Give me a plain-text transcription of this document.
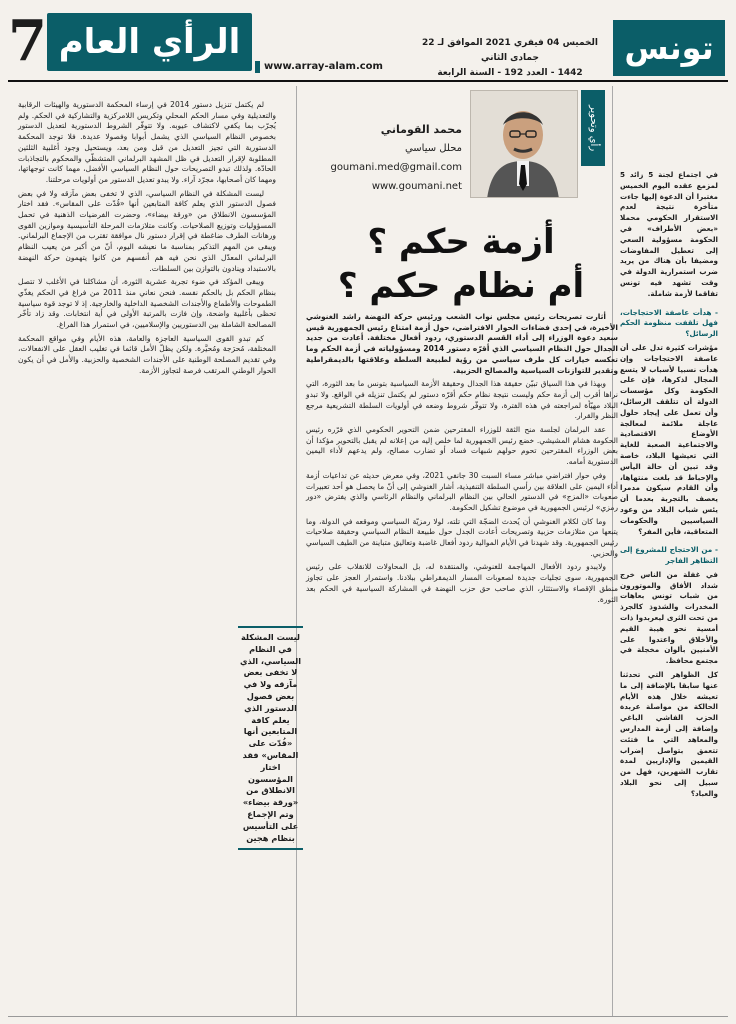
7 الرأي العام
www.array-alam.com
الخميس 04 فيفري 2021 الموافق لـ 22 جمادى الثاني
1442 - العدد 192 - السنة الرابعة
تونس

في اجتماع لجنة 5 زائد 5 لمزمع عقده اليوم الخميس مغتبرا أن الدعوة إليها جاءت متأخرة نتيجة لعدم الاستقرار الحكومي محملا «بعض الأطراف» في الحكومة مسؤولية السعي إلى تعطيل المفاوضات ومضيفا بأن هناك من يريد ضرب استمرارية الدولة في وقت تشهد فيه تونس تفاقما لأزمة شاملة.

- هدأت عاصفة الاحتجاجات، فهل تلقفت منظومة الحكم الرسائل؟

مؤشرات كثيرة تدل على أن عاصفة الاحتجاجات وإن هدأت نسبيا لأسباب لا يتسع المجال لذكرها، فإن على الحكومة وكل مؤسسات الدولة أن تتلقف الرسائل، وأن تعمل على إيجاد حلول عاجلة ملائمة لمعالجة الأوضاع الاقتصادية والاجتماعية الصعبة للغاية التي تعيشها البلاد، خاصة وقد تبين أن حالة اليأس والإحباط قد بلغت منتهاها، وأن القادم سيكون مدمرا يعصف بالتجربة بعدما أن يئس شباب البلاد من وعود السياسيين والحكومات المتعاقبة، فأين المفر؟

- من الاحتجاج للمشروع إلى التظاهر الفاجر

في غفلة من الناس خرج شداد الأفاق والموتورون من شباب تونس بعاهات المخدرات والشذوذ كالجرذ من تحت الثرى ليعربدوا ذات أمسية نحو هيبة القيم والأخلاق واعتدوا على الأمنيين بألوان مخجلة في مجتمع محافظ.

كل الظواهر التي تحدثنا عنها سابقا بالإضافة إلى ما تعيشه خلال هذه الأيام الحالكة من مواصلة عربدة الحزب الفاشي الباغي وإضافة إلى أزمة المدارس والمعاهد التي ما فتئت تتعمق بتواصل إضراب القيمين والإداريين لمدة تقارب الشهرين، فهل من سبيل إلى نحو البلاد والعباد؟

رأي وتحوير
محمد القوماني
محلل سياسي
goumani.med@gmail.com
www.goumani.net
أزمة حكم ؟
أم نظام حكم ؟

أثارت تصريحات رئيس مجلس نواب الشعب ورئيس حركة النهضة راشد الغنوشي الأخيرة، في إحدى فضاءات الحوار الافتراضي، حول أزمة امتناع رئيس الجمهورية قيس سعيد دعوة الوزراء إلى أداء القسم الدستوري، ردود أفعال مختلفة. أعادت من جديد الجدال حول النظام السياسي الذي أقرّه دستور 2014 ومسؤولياته في أزمة الحكم وما تعكسه خيارات كل طرف سياسي من رؤية لطبيعة السلطة وعلاقتها بالديمقراطية وتقدير للتوازنات السياسية والمصالح الحزبية.

وبهذا في هذا السياق تبيّن حقيقة هذا الجدال وحقيقة الأزمة السياسية بتونس ما بعد الثورة، التي نراها أقرب إلى أزمة حكم وليست نتيجة نظام حكم أقرّه دستور لم يكتمل تنزيله في الواقع. ولا تبدو البلاد مهيّأة لمراجعته في هذه الفترة، ولا تتوفّر شروط وضعه في أولويات السلطة التشريعية مرجع النظر والقرار.

عقد البرلمان لجلسة منح الثقة للوزراء المقترحين ضمن التحوير الحكومي الذي قرّره رئيس الحكومة هشام المشيشي. خضع رئيس الجمهورية لما خلص إليه من إعلانه لم يقبل بالتحوير مؤكدا أن بعض الوزراء المقترحين تحوم حولهم شبهات فساد أو تضارب مصالح، ولم يدعهم لأداء اليمين الدستورية أمامه.

وفي حوار افتراضي مباشر مساء السبت 30 جانفي 2021، وفي معرض حديثه عن تداعيات أزمة أداء اليمين على العلاقة بين رأسي السلطة التنفيذية، أشار الغنوشي إلى أنّ ما يحصل هو أحد تعبيرات صعوبات «المزج» في الدستور الحالي بين النظام البرلماني والنظام الرئاسي والذي يفترض «دور رمزي» لرئيس الجمهورية في موضوع تشكيل الحكومة.

وما كان لكلام الغنوشي أن يُحدث الضجّة التي تلته، لولا رمزيّة السياسي وموقعه في الدولة، وما يتبعها من متلازمات حزبية وتصريحات أعادت الجدل حول طبيعة النظام السياسي وحقيقة صلاحيات رئيس الجمهورية. وقد شهدنا في الأيام الموالية ردود أفعال غاضبة وتعاليق متباينة من الطيف السياسي والحزبي.

ولايبدو ردود الأفعال المهاجمة للغنوشي، والمنتقدة له، بل المحاولات للانقلاب على رئيس الجمهورية، سوى تجليات جديدة لصعوبات المسار الديمقراطي ببلادنا. واستمرار العجز على تجاوز منطق الإقصاء والاستئثار، الذي صاحب حق حزب النهضة في المشاركة السياسية في الحكم بعد الثورة.

لم يكتمل تنزيل دستور 2014 في إرساء المحكمة الدستورية والهيئات الرقابية والتعديلية وفي مسار الحكم المحلي وتكريس اللامركزية والتشاركية في الحكم. ولم يُجرّب بما يكفي لاكتشاف عيوبه. ولا تتوفّر الشروط الدستورية لتعديل الدستور بخصوص النظام السياسي الذي يشمل أبوابا وفصولا عديدة. فلا توجد المحكمة الدستورية التي تجيز التعديل من قبل ومن بعد، ويستحيل وجود أغلبية الثلثين المطلوبة لإقرار التعديل في ظل المشهد البرلماني المتشظّي والمحكوم بالتجاذبات الحادّة. ولذلك تبدو التصريحات حول النظام السياسي الأفضل، مهما كانت توجهاتها، ومهما كان أصحابها، مجرّد آراء. ولا يبدو تعديل الدستور من أولويات مرحلتنا.

ليست المشكلة في النظام السياسي، الذي لا تخفى بعض مآزقه ولا في بعض فصول الدستور الذي يعلم كافة المتابعين أنها «قُدّت على المقاس». فقد اختار المؤسسون الانطلاق من «ورقة بيضاء»، وحضرت الفرضيات الذهنية في تحمل المسؤوليات وتوزيع الصلاحيات. وكانت متلازمات المرحلة التأسيسية وموازين القوى ورهانات الطرف ضاغطة في إقرار دستور نال موافقة تقترب من الإجماع البرلماني. ويبقى من المهم التذكير بمناسبة ما نعيشه اليوم، أنّ من أكبر من يعيب النظام البرلماني المعدّل الذي نحن فيه هم أنفسهم من كانوا يتهمون حركة النهضة بالاستبداد وينادون بالتوازن بين السلطات.

ويبقى المؤكد في ضوء تجربة عشرية الثورة، أن مشاكلنا في الأغلب لا تتصل بنظام الحكم بل بالحكم نفسه. فنحن نعاني منذ 2011 من فراغ في الحكم يغذّي الطموحات والأطماع والأجندات الشخصية الداخلية والخارجية. إذ لا توجد قوة سياسية تحظى بأغلبية واضحة، وإن فازت بالمرتبة الأولى في أية انتخابات. وقد زاد تأخّر المصالحة الشاملة بين الدستوريين والإسلاميين، في استمرار هذا الفراغ.

كم تبدو القوى السياسية العاجزة والعامة، هذه الأيام وفي مواقع المحكمة المختلفة، مُحرَجة ومُحيَّرة. ولكن يظلّ الأمل قائما في تغليب العقل على الانفعالات، وفي تقديم المصلحة الوطنية على الأجندات الشخصية والحزبية. والأمل في أن يكون الحوار الوطني المرتقب فرصة لتجاوز الأزمة.

ليست المشكلة في النظام السياسي، الذي لا تخفى بعض مآزقه ولا في بعض فصول الدستور الذي يعلم كافة المتابعين أنها «قُدّت على المقاس» فقد اختار المؤسسون الانطلاق من «ورقة بيضاء» وتم الإجماع على التأسيس بنظام هجين
